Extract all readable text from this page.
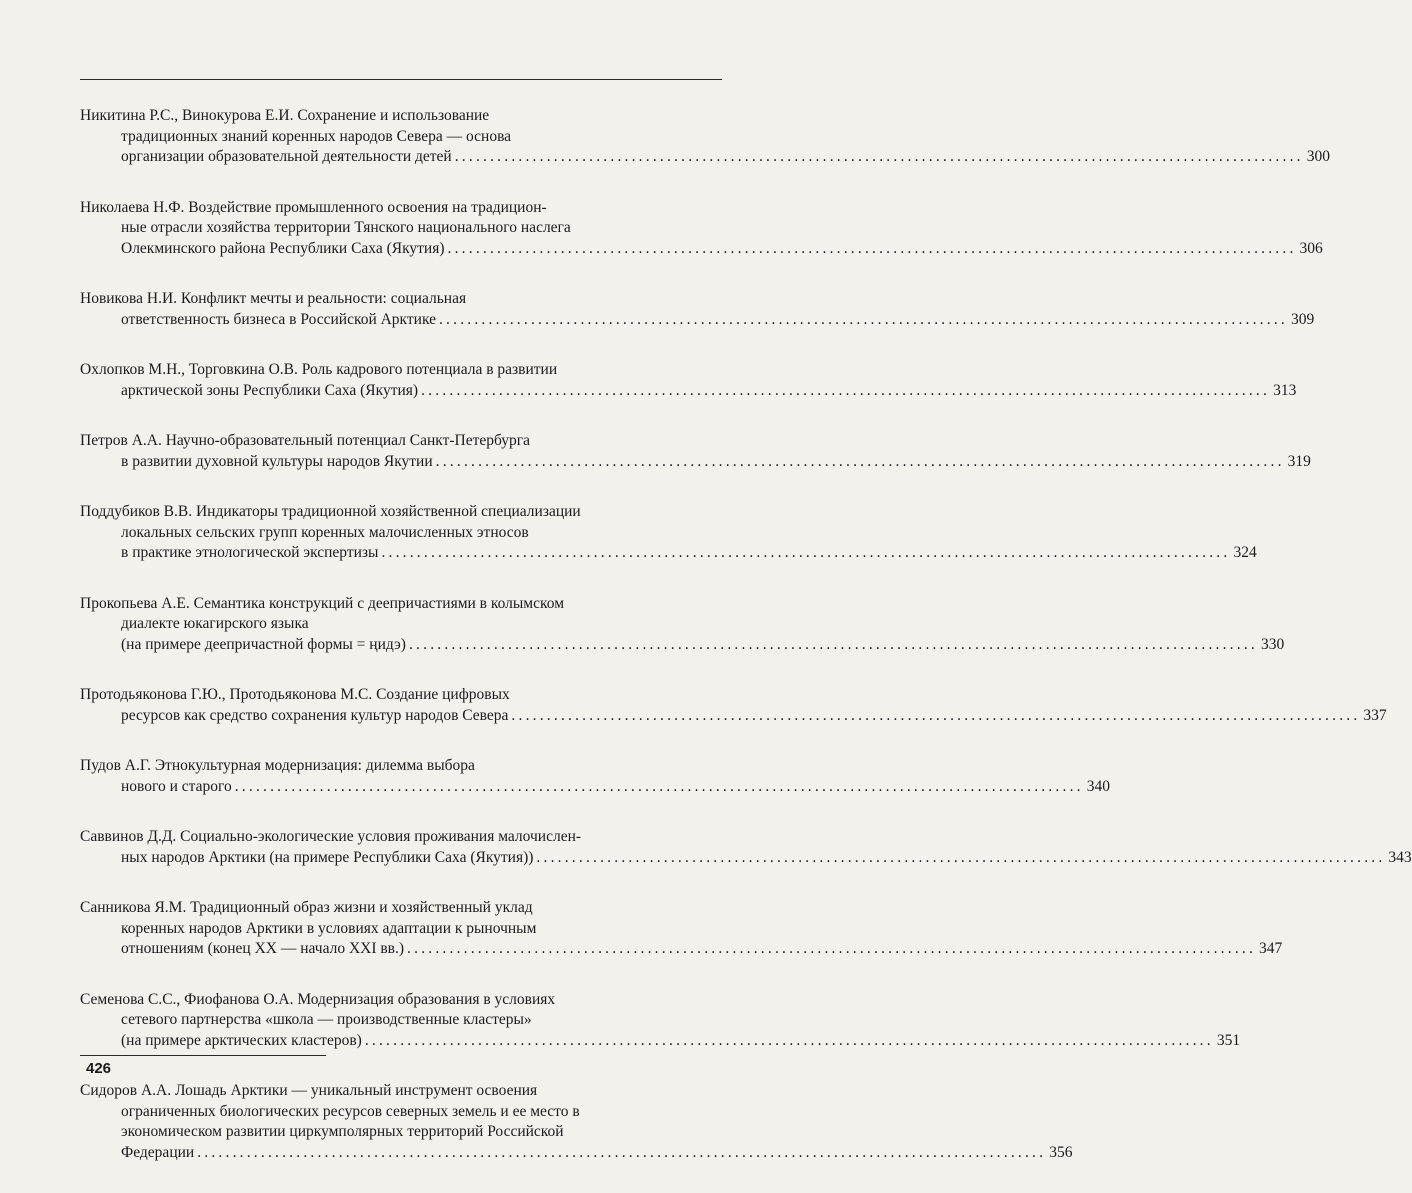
Никитина Р.С., Винокурова Е.И. Сохранение и использование
традиционных знаний коренных народов Севера — основа
организации образовательной деятельности детей ........................................................................................................................ 300
Николаева Н.Ф. Воздействие промышленного освоения на традицион-
ные отрасли хозяйства территории Тянского национального наслега
Олекминского района Республики Саха (Якутия) ........................................................................................................................ 306
Новикова Н.И. Конфликт мечты и реальности: социальная
ответственность бизнеса в Российской Арктике ........................................................................................................................ 309
Охлопков М.Н., Торговкина О.В. Роль кадрового потенциала в развитии
арктической зоны Республики Саха (Якутия) ........................................................................................................................ 313
Петров А.А. Научно-образовательный потенциал Санкт-Петербурга
в развитии духовной культуры народов Якутии ........................................................................................................................ 319
Поддубиков В.В. Индикаторы традиционной хозяйственной специализации
локальных сельских групп коренных малочисленных этносов
в практике этнологической экспертизы ........................................................................................................................ 324
Прокопьева А.Е. Семантика конструкций с деепричастиями в колымском
диалекте юкагирского языка
(на примере деепричастной формы = ңидэ) ........................................................................................................................ 330
Протодьяконова Г.Ю., Протодьяконова М.С. Создание цифровых
ресурсов как средство сохранения культур народов Севера ........................................................................................................................ 337
Пудов А.Г. Этнокультурная модернизация: дилемма выбора
нового и старого ........................................................................................................................ 340
Саввинов Д.Д. Социально-экологические условия проживания малочислен-
ных народов Арктики (на примере Республики Саха (Якутия)) ........................................................................................................................ 343
Санникова Я.М. Традиционный образ жизни и хозяйственный уклад
коренных народов Арктики в условиях адаптации к рыночным
отношениям (конец XX — начало XXI вв.) ........................................................................................................................ 347
Семенова С.С., Фиофанова О.А. Модернизация образования в условиях
сетевого партнерства «школа — производственные кластеры»
(на примере арктических кластеров) ........................................................................................................................ 351
Сидоров А.А. Лошадь Арктики — уникальный инструмент освоения
ограниченных биологических ресурсов северных земель и ее место в
экономическом развитии циркумполярных территорий Российской
Федерации ........................................................................................................................ 356
426
